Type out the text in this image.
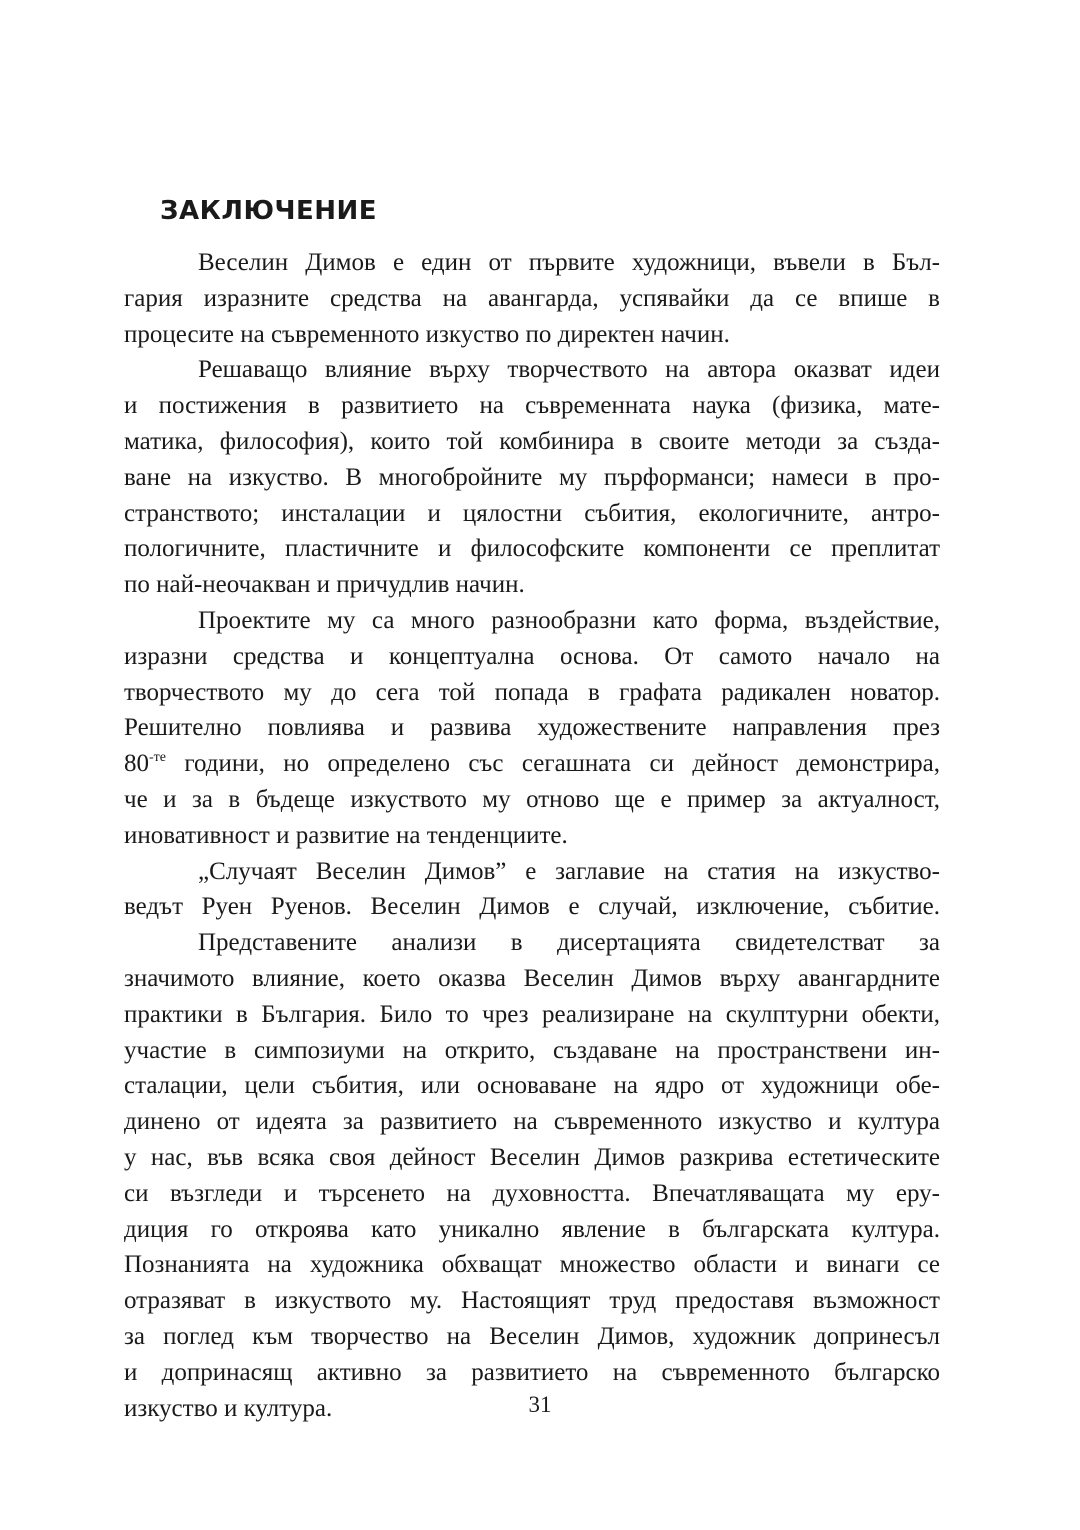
ЗАКЛЮЧЕНИЕ
Веселин Димов е един от първите художници, въвели в Бъл-
гария изразните средства на авангарда, успявайки да се впише в
процесите на съвременното изкуство по директен начин.
Решаващо влияние върху творчеството на автора оказват идеи
и постижения в развитието на съвременната наука (физика, мате-
матика, философия), които той комбинира в своите методи за създа-
ване на изкуство. В многобройните му пърформанси; намеси в про-
странството; инсталации и цялостни събития, екологичните, антро-
пологичните, пластичните и философските компоненти се преплитат
по най-неочакван и причудлив начин.
Проектите му са много разнообразни като форма, въздействие,
изразни средства и концептуална основа. От самото начало на
творчеството му до сега той попада в графата радикален новатор.
Решително повлиява и развива художествените направления през
$80^{-те}$ години, но определено със сегашната си дейност демонстрира,
че и за в бъдеще изкуството му отново ще е пример за актуалност,
иновативност и развитие на тенденциите.
„Случаят Веселин Димов” е заглавие на статия на изкуство-
ведът Руен Руенов. Веселин Димов е случай, изключение, събитие.
Представените анализи в дисертацията свидетелстват за
значимото влияние, което оказва Веселин Димов върху авангардните
практики в България. Било то чрез реализиране на скулптурни обекти,
участие в симпозиуми на открито, създаване на пространствени ин-
сталации, цели събития, или основаване на ядро от художници обе-
динено от идеята за развитието на съвременното изкуство и култура
у нас, във всяка своя дейност Веселин Димов разкрива естетическите
си възгледи и търсенето на духовността. Впечатляващата му еру-
диция го откроява като уникално явление в българската култура.
Познанията на художника обхващат множество области и винаги се
отразяват в изкуството му. Настоящият труд предоставя възможност
за поглед към творчество на Веселин Димов, художник допринесъл
и допринасящ активно за развитието на съвременното българско
изкуство и култура.	31
